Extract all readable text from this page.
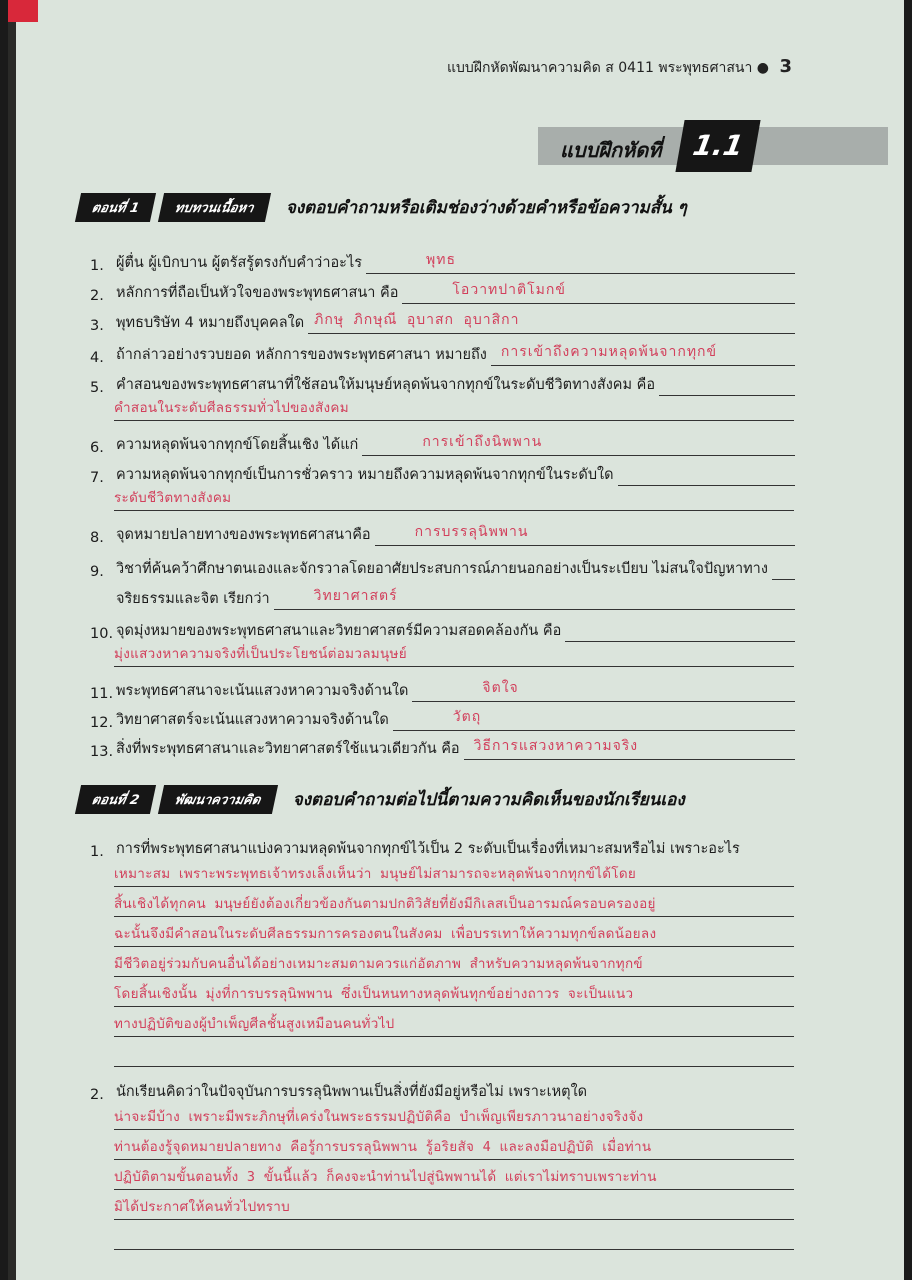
แบบฝึกหัดพัฒนาความคิด ส 0411 พระพุทธศาสนา ● 3
แบบฝึกหัดที่	1.1
ตอนที่ 1	ทบทวนเนื้อหา	จงตอบคำถามหรือเติมช่องว่างด้วยคำหรือข้อความสั้น ๆ
1. ผู้ตื่น ผู้เบิกบาน ผู้ตรัสรู้ตรงกับคำว่าอะไร	พุทธ
2. หลักการที่ถือเป็นหัวใจของพระพุทธศาสนา คือ	โอวาทปาติโมกข์
3. พุทธบริษัท 4 หมายถึงบุคคลใด ภิกษุ ภิกษุณี อุบาสก อุบาสิกา
4. ถ้ากล่าวอย่างรวบยอด หลักการของพระพุทธศาสนา หมายถึง การเข้าถึงความหลุดพ้นจากทุกข์
5. คำสอนของพระพุทธศาสนาที่ใช้สอนให้มนุษย์หลุดพ้นจากทุกข์ในระดับชีวิตทางสังคม คือ
คำสอนในระดับศีลธรรมทั่วไปของสังคม
6. ความหลุดพ้นจากทุกข์โดยสิ้นเชิง ได้แก่	การเข้าถึงนิพพาน
7. ความหลุดพ้นจากทุกข์เป็นการชั่วคราว หมายถึงความหลุดพ้นจากทุกข์ในระดับใด
ระดับชีวิตทางสังคม
8. จุดหมายปลายทางของพระพุทธศาสนาคือ	การบรรลุนิพพาน
9. วิชาที่ค้นคว้าศึกษาตนเองและจักรวาลโดยอาศัยประสบการณ์ภายนอกอย่างเป็นระเบียบ ไม่สนใจปัญหาทาง
จริยธรรมและจิต เรียกว่า	วิทยาศาสตร์
10. จุดมุ่งหมายของพระพุทธศาสนาและวิทยาศาสตร์มีความสอดคล้องกัน คือ
มุ่งแสวงหาความจริงที่เป็นประโยชน์ต่อมวลมนุษย์
11. พระพุทธศาสนาจะเน้นแสวงหาความจริงด้านใด	จิตใจ
12. วิทยาศาสตร์จะเน้นแสวงหาความจริงด้านใด	วัตถุ
13. สิ่งที่พระพุทธศาสนาและวิทยาศาสตร์ใช้แนวเดียวกัน คือ วิธีการแสวงหาความจริง
ตอนที่ 2	พัฒนาความคิด	จงตอบคำถามต่อไปนี้ตามความคิดเห็นของนักเรียนเอง
1. การที่พระพุทธศาสนาแบ่งความหลุดพ้นจากทุกข์ไว้เป็น 2 ระดับเป็นเรื่องที่เหมาะสมหรือไม่ เพราะอะไร
เหมาะสม เพราะพระพุทธเจ้าทรงเล็งเห็นว่า มนุษย์ไม่สามารถจะหลุดพ้นจากทุกข์ได้โดย
สิ้นเชิงได้ทุกคน มนุษย์ยังต้องเกี่ยวข้องกันตามปกติวิสัยที่ยังมีกิเลสเป็นอารมณ์ครอบครองอยู่
ฉะนั้นจึงมีคำสอนในระดับศีลธรรมการครองตนในสังคม เพื่อบรรเทาให้ความทุกข์ลดน้อยลง
มีชีวิตอยู่ร่วมกับคนอื่นได้อย่างเหมาะสมตามควรแก่อัตภาพ สำหรับความหลุดพ้นจากทุกข์
โดยสิ้นเชิงนั้น มุ่งที่การบรรลุนิพพาน ซึ่งเป็นหนทางหลุดพ้นทุกข์อย่างถาวร จะเป็นแนว
ทางปฏิบัติของผู้บำเพ็ญศีลชั้นสูงเหมือนคนทั่วไป
2. นักเรียนคิดว่าในปัจจุบันการบรรลุนิพพานเป็นสิ่งที่ยังมีอยู่หรือไม่ เพราะเหตุใด
น่าจะมีบ้าง เพราะมีพระภิกษุที่เคร่งในพระธรรมปฏิบัติคือ บำเพ็ญเพียรภาวนาอย่างจริงจัง
ท่านต้องรู้จุดหมายปลายทาง คือรู้การบรรลุนิพพาน รู้อริยสัจ 4 และลงมือปฏิบัติ เมื่อท่าน
ปฏิบัติตามขั้นตอนทั้ง 3 ขั้นนี้แล้ว ก็คงจะนำท่านไปสู่นิพพานได้ แต่เราไม่ทราบเพราะท่าน
มิได้ประกาศให้คนทั่วไปทราบ
